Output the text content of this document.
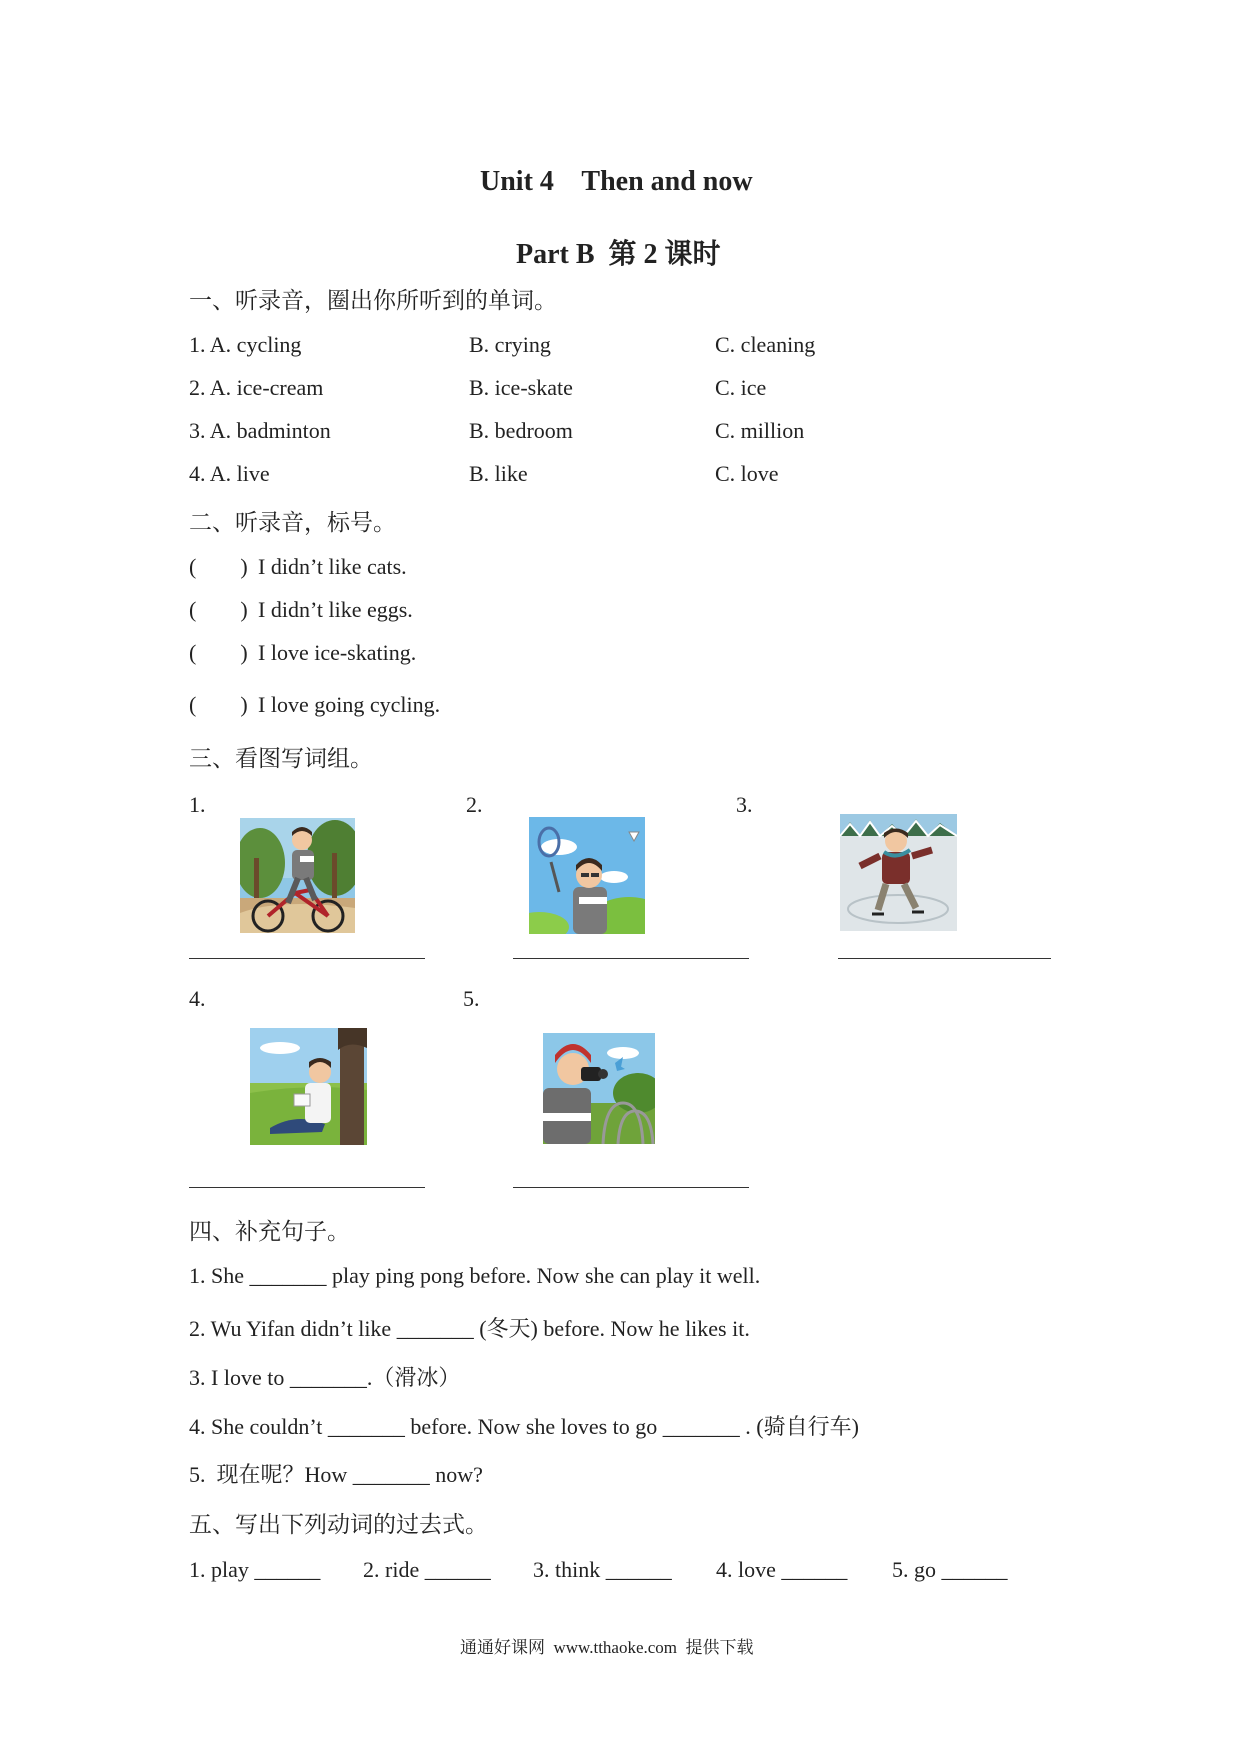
Unit 4    Then and now
Part B  第 2 课时
一、听录音，圈出你所听到的单词。
1. A. cycling	B. crying	C. cleaning
2. A. ice-cream	B. ice-skate	C. ice
3. A. badminton	B. bedroom	C. million
4. A. live	B. like	C. love
二、听录音，标号。
(        ) I didn’t like cats.
(        ) I didn’t like eggs.
(        ) I love ice-skating.
(        ) I love going cycling.
三、看图写词组。
1.	2.	3.
4.	5.
四、补充句子。
1. She _______ play ping pong before. Now she can play it well.
2. Wu Yifan didn’t like _______ (冬天) before. Now he likes it.
3. I love to _______.（滑冰）
4. She couldn’t _______ before. Now she loves to go _______ . (骑自行车)
5.  现在呢？How _______ now?
五、写出下列动词的过去式。
1. play ______ 2. ride ______ 3. think ______ 4. love ______ 5. go ______
通通好课网  www.tthaoke.com  提供下载
